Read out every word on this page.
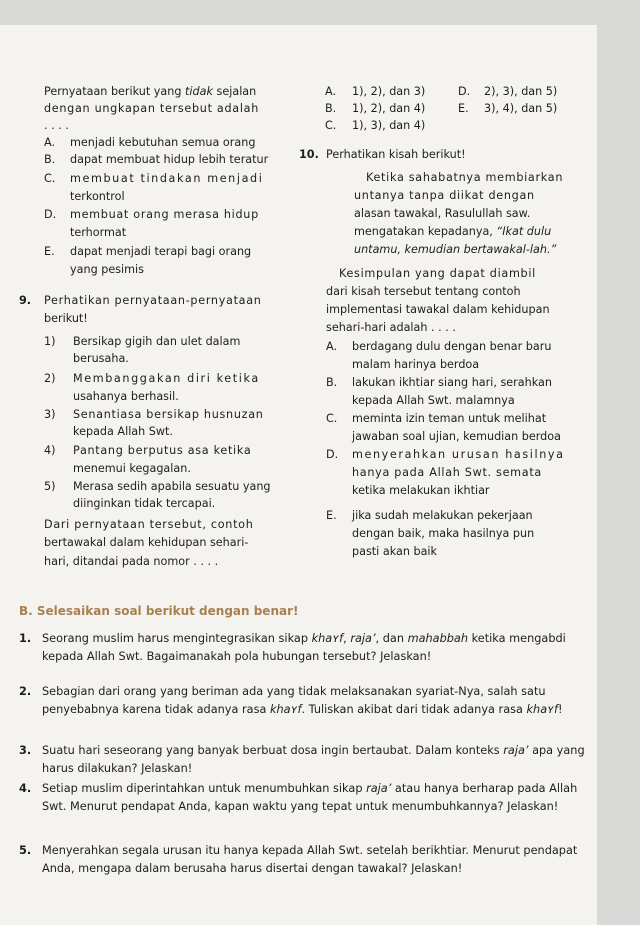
Pernyataan berikut yang tidak sejalan
dengan ungkapan tersebut adalah
. . . .
A. menjadi kebutuhan semua orang
B. dapat membuat hidup lebih teratur
C. membuat tindakan menjadi
terkontrol
D. membuat orang merasa hidup
terhormat
E. dapat menjadi terapi bagi orang
yang pesimis
9. Perhatikan pernyataan-pernyataan
berikut!
1) Bersikap gigih dan ulet dalam
berusaha.
2) Membanggakan diri ketika
usahanya berhasil.
3) Senantiasa bersikap husnuzan
kepada Allah Swt.
4) Pantang berputus asa ketika
menemui kegagalan.
5) Merasa sedih apabila sesuatu yang
diinginkan tidak tercapai.
Dari pernyataan tersebut, contoh
bertawakal dalam kehidupan sehari-
hari, ditandai pada nomor . . . .
A. 1), 2), dan 3)
B. 1), 2), dan 4)
C. 1), 3), dan 4)
D. 2), 3), dan 5)
E. 3), 4), dan 5)
10. Perhatikan kisah berikut!
Ketika sahabatnya membiarkan
untanya tanpa diikat dengan
alasan tawakal, Rasulullah saw.
mengatakan kepadanya, “Ikat dulu
untamu, kemudian bertawakal-lah.”
Kesimpulan yang dapat diambil
dari kisah tersebut tentang contoh
implementasi tawakal dalam kehidupan
sehari-hari adalah . . . .
A. berdagang dulu dengan benar baru
malam harinya berdoa
B. lakukan ikhtiar siang hari, serahkan
kepada Allah Swt. malamnya
C. meminta izin teman untuk melihat
jawaban soal ujian, kemudian berdoa
D. menyerahkan urusan hasilnya
hanya pada Allah Swt. semata
ketika melakukan ikhtiar
E. jika sudah melakukan pekerjaan
dengan baik, maka hasilnya pun
pasti akan baik
B. Selesaikan soal berikut dengan benar!
1. Seorang muslim harus mengintegrasikan sikap khaʏf, raja’, dan mahabbah ketika mengabdi kepada Allah Swt. Bagaimanakah pola hubungan tersebut? Jelaskan!
2. Sebagian dari orang yang beriman ada yang tidak melaksanakan syariat-Nya, salah satu penyebabnya karena tidak adanya rasa khaʏf. Tuliskan akibat dari tidak adanya rasa khaʏf!
3. Suatu hari seseorang yang banyak berbuat dosa ingin bertaubat. Dalam konteks raja’ apa yang harus dilakukan? Jelaskan!
4. Setiap muslim diperintahkan untuk menumbuhkan sikap raja’ atau hanya berharap pada Allah Swt. Menurut pendapat Anda, kapan waktu yang tepat untuk menumbuhkannya? Jelaskan!
5. Menyerahkan segala urusan itu hanya kepada Allah Swt. setelah berikhtiar. Menurut pendapat Anda, mengapa dalam berusaha harus disertai dengan tawakal? Jelaskan!
